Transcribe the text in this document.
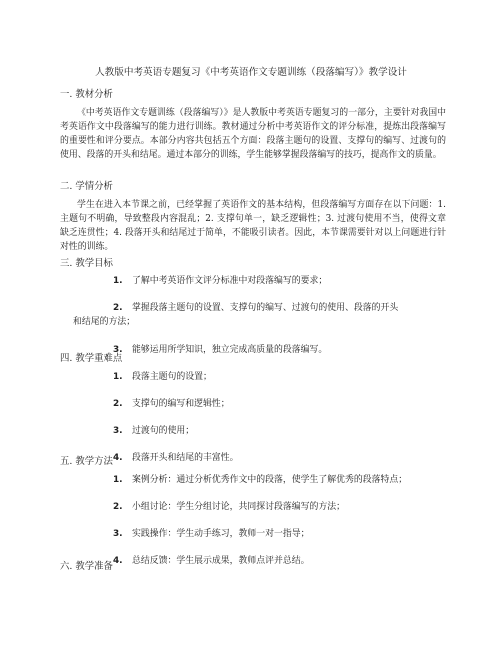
人教版中考英语专题复习《中考英语作文专题训练（段落编写）》教学设计
一. 教材分析
《中考英语作文专题训练（段落编写）》是人教版中考英语专题复习的一部分，主要针对我国中考英语作文中段落编写的能力进行训练。教材通过分析中考英语作文的评分标准，提炼出段落编写的重要性和评分要点。本部分内容共包括五个方面：段落主题句的设置、支撑句的编写、过渡句的使用、段落的开头和结尾。通过本部分的训练，学生能够掌握段落编写的技巧，提高作文的质量。
二. 学情分析
学生在进入本节课之前，已经掌握了英语作文的基本结构，但段落编写方面存在以下问题：1. 主题句不明确，导致整段内容混乱；2. 支撑句单一，缺乏逻辑性；3. 过渡句使用不当，使得文章缺乏连贯性；4. 段落开头和结尾过于简单，不能吸引读者。因此，本节课需要针对以上问题进行针对性的训练。
三. 教学目标
1. 了解中考英语作文评分标准中对段落编写的要求；
2. 掌握段落主题句的设置、支撑句的编写、过渡句的使用、段落的开头
和结尾的方法；
3. 能够运用所学知识，独立完成高质量的段落编写。
四. 教学重难点
1. 段落主题句的设置；
2. 支撑句的编写和逻辑性；
3. 过渡句的使用；
4. 段落开头和结尾的丰富性。
五. 教学方法
1. 案例分析：通过分析优秀作文中的段落，使学生了解优秀的段落特点；
2. 小组讨论：学生分组讨论，共同探讨段落编写的方法；
3. 实践操作：学生动手练习，教师一对一指导；
4. 总结反馈：学生展示成果，教师点评并总结。
六. 教学准备
